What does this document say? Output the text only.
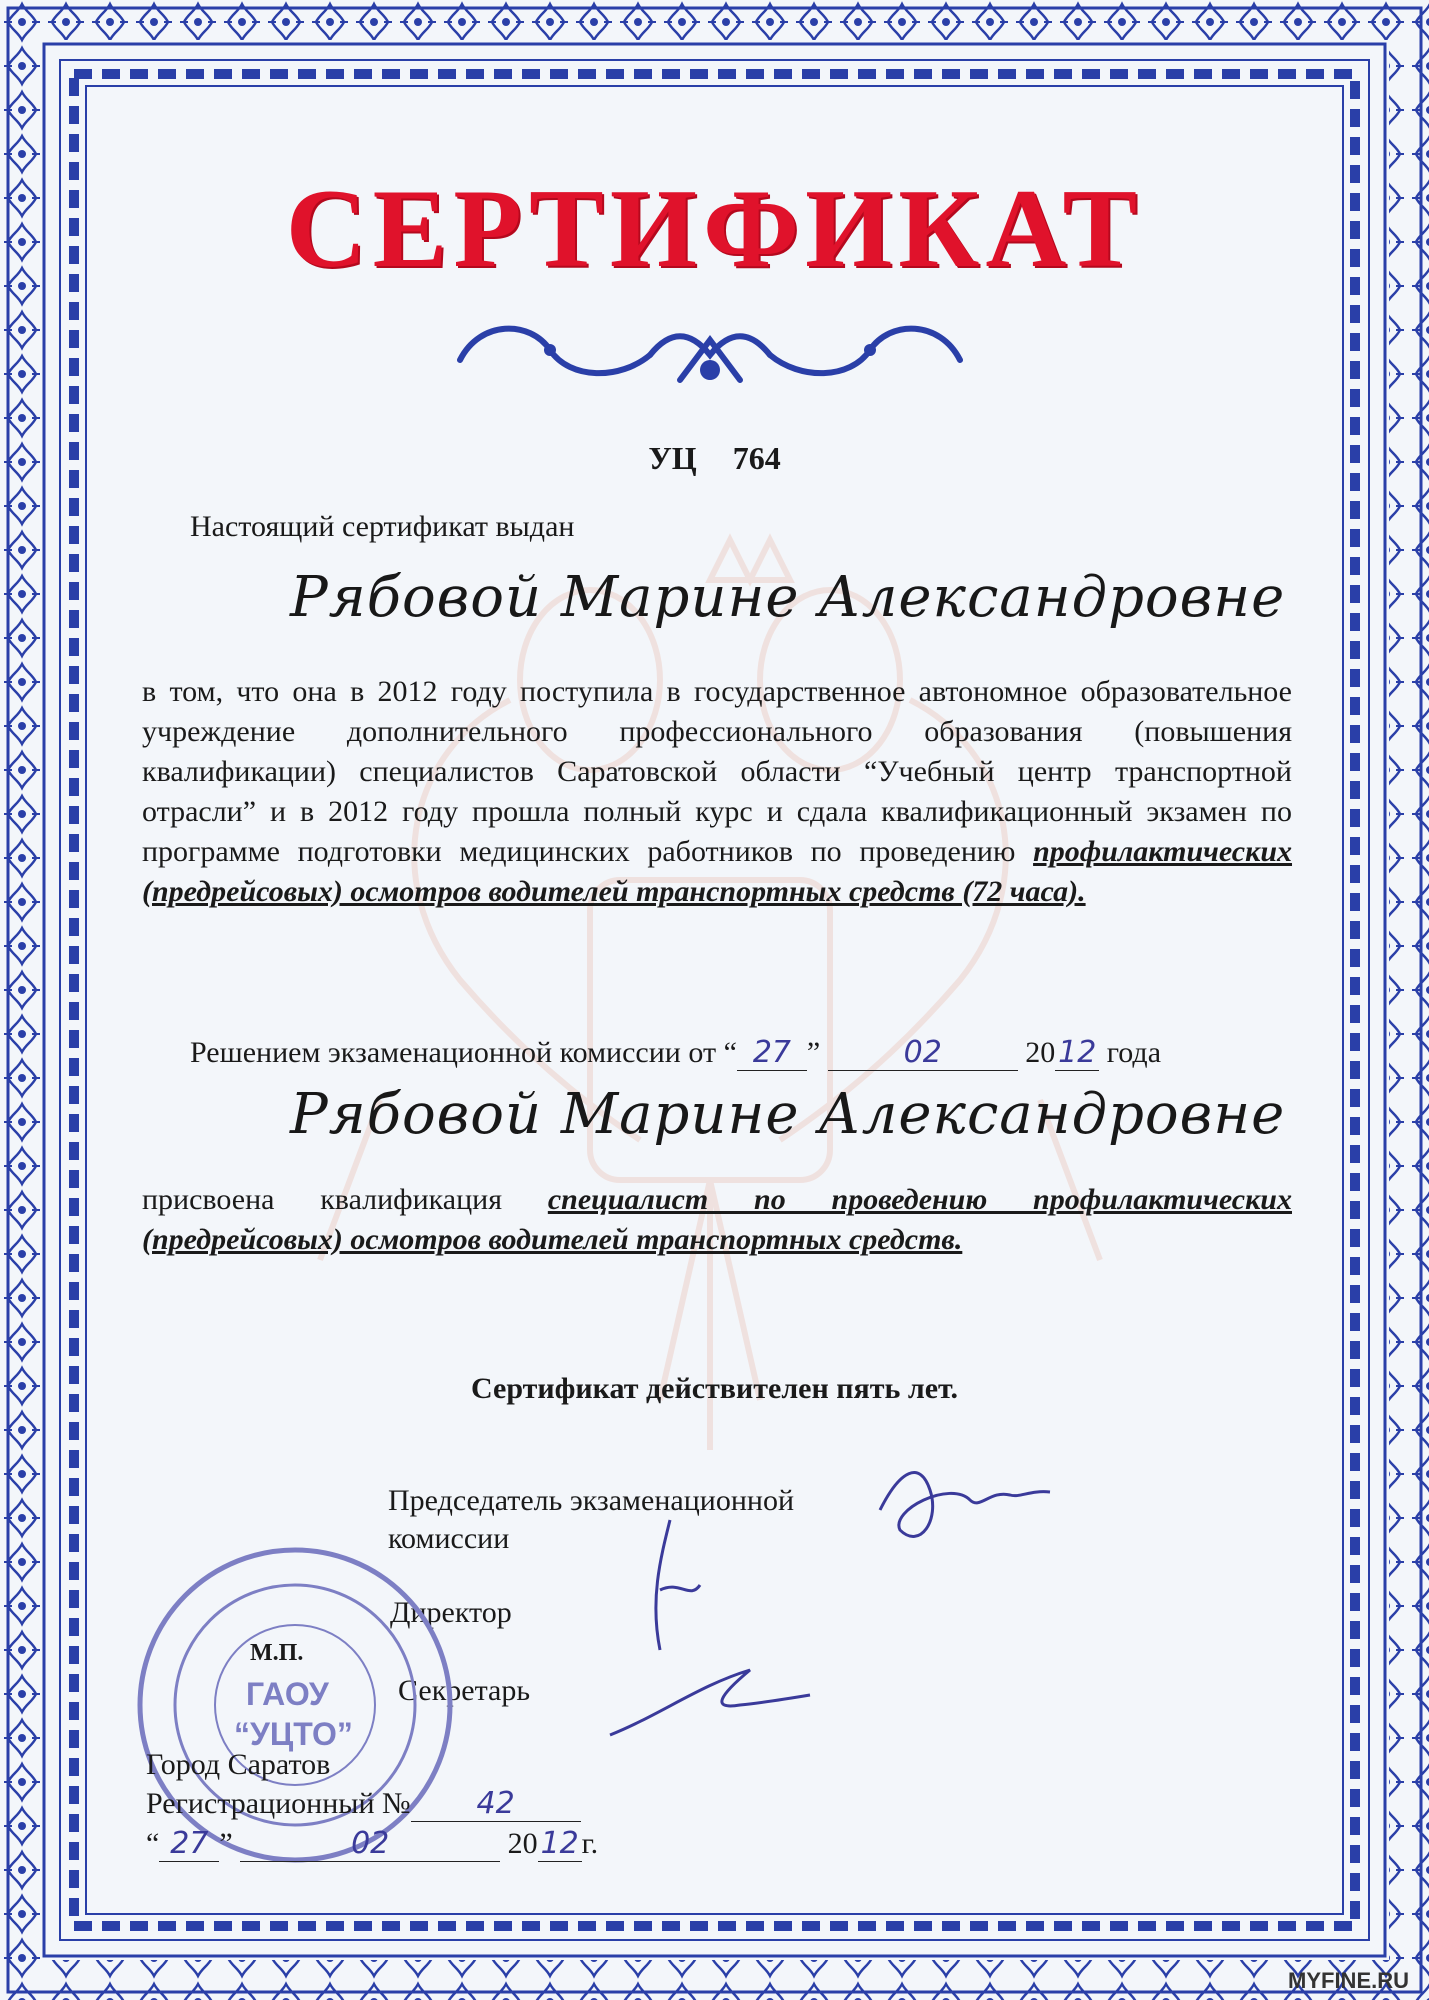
СЕРТИФИКАТ
УЦ 764
Настоящий сертификат выдан
Рябовой Марине Александровне
в том, что она в 2012 году поступила в государственное автономное образовательное учреждение дополнительного профессионального образования (повышения квалификации) специалистов Саратовской области “Учебный центр транспортной отрасли” и в 2012 году прошла полный курс и сдала квалификационный экзамен по программе подготовки медицинских работников по проведению профилактических (предрейсовых) осмотров водителей транспортных средств (72 часа).
Решением экзаменационной комиссии от “ 27 ”	02	2012 года
Рябовой Марине Александровне
присвоена квалификация специалист по проведению профилактических (предрейсовых) осмотров водителей транспортных средств.
Сертификат действителен пять лет.
Председатель экзаменационной
комиссии
Директор
Секретарь
М.П.
ГАОУ
“УЦТО”
Город Саратов
Регистрационный № 42
“ 27 ”	02	2012г.
MYFINE.RU
